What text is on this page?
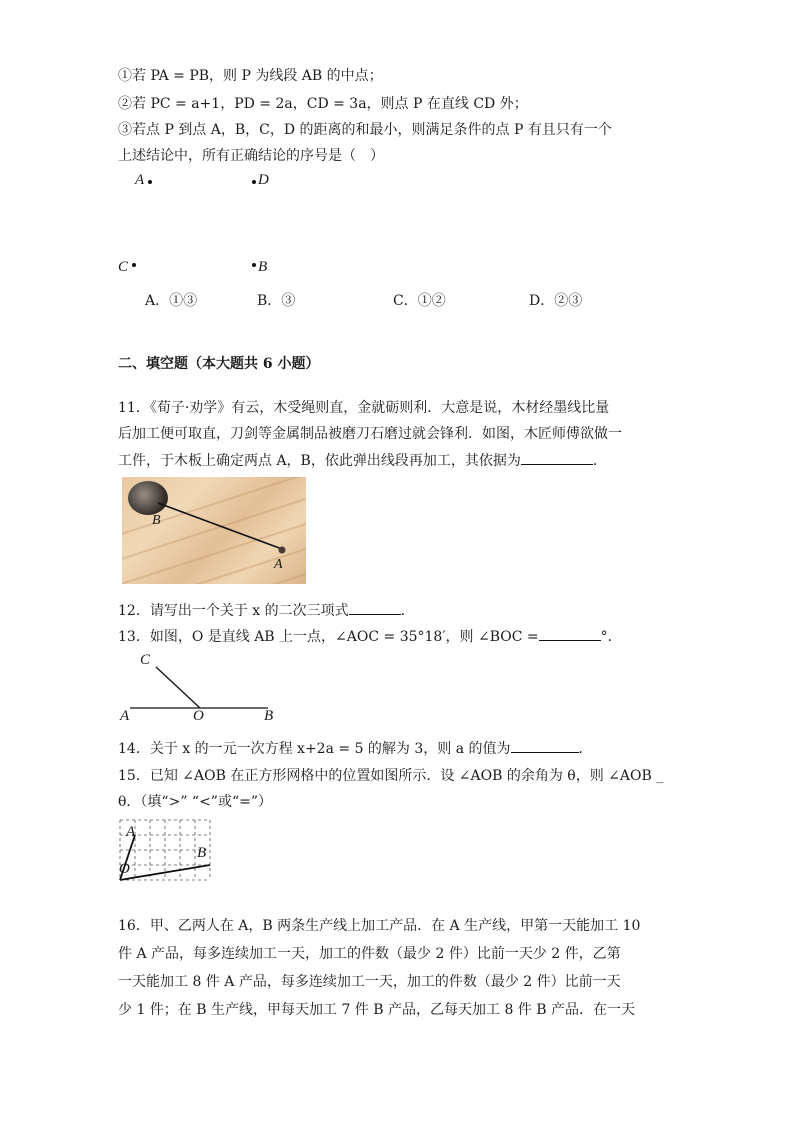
①若 PA = PB，则 P 为线段 AB 的中点；
②若 PC = a+1，PD = 2a，CD = 3a，则点 P 在直线 CD 外；
③若点 P 到点 A，B，C，D 的距离的和最小，则满足条件的点 P 有且只有一个
上述结论中，所有正确结论的序号是（　）
A	D
C	B
A．①③	B．③	C．①②	D．②③
二、填空题（本大题共 6 小题）
11．《荀子·劝学》有云，木受绳则直，金就砺则利．大意是说，木材经墨线比量
后加工便可取直，刀剑等金属制品被磨刀石磨过就会锋利．如图，木匠师傅欲做一
工件，于木板上确定两点 A，B，依此弹出线段再加工，其依据为	．
B
A
12．请写出一个关于 x 的二次三项式	．
13．如图，O 是直线 AB 上一点，∠AOC = 35°18′，则 ∠BOC =	°．
C
A	O	B
14．关于 x 的一元一次方程 x+2a = 5 的解为 3，则 a 的值为	．
15．已知 ∠AOB 在正方形网格中的位置如图所示．设 ∠AOB 的余角为 θ，则 ∠AOB _
θ．（填“>” “<”或“=”）
A
B
O
16．甲、乙两人在 A，B 两条生产线上加工产品．在 A 生产线，甲第一天能加工 10
件 A 产品，每多连续加工一天，加工的件数（最少 2 件）比前一天少 2 件，乙第
一天能加工 8 件 A 产品，每多连续加工一天，加工的件数（最少 2 件）比前一天
少 1 件；在 B 生产线，甲每天加工 7 件 B 产品，乙每天加工 8 件 B 产品．在一天
